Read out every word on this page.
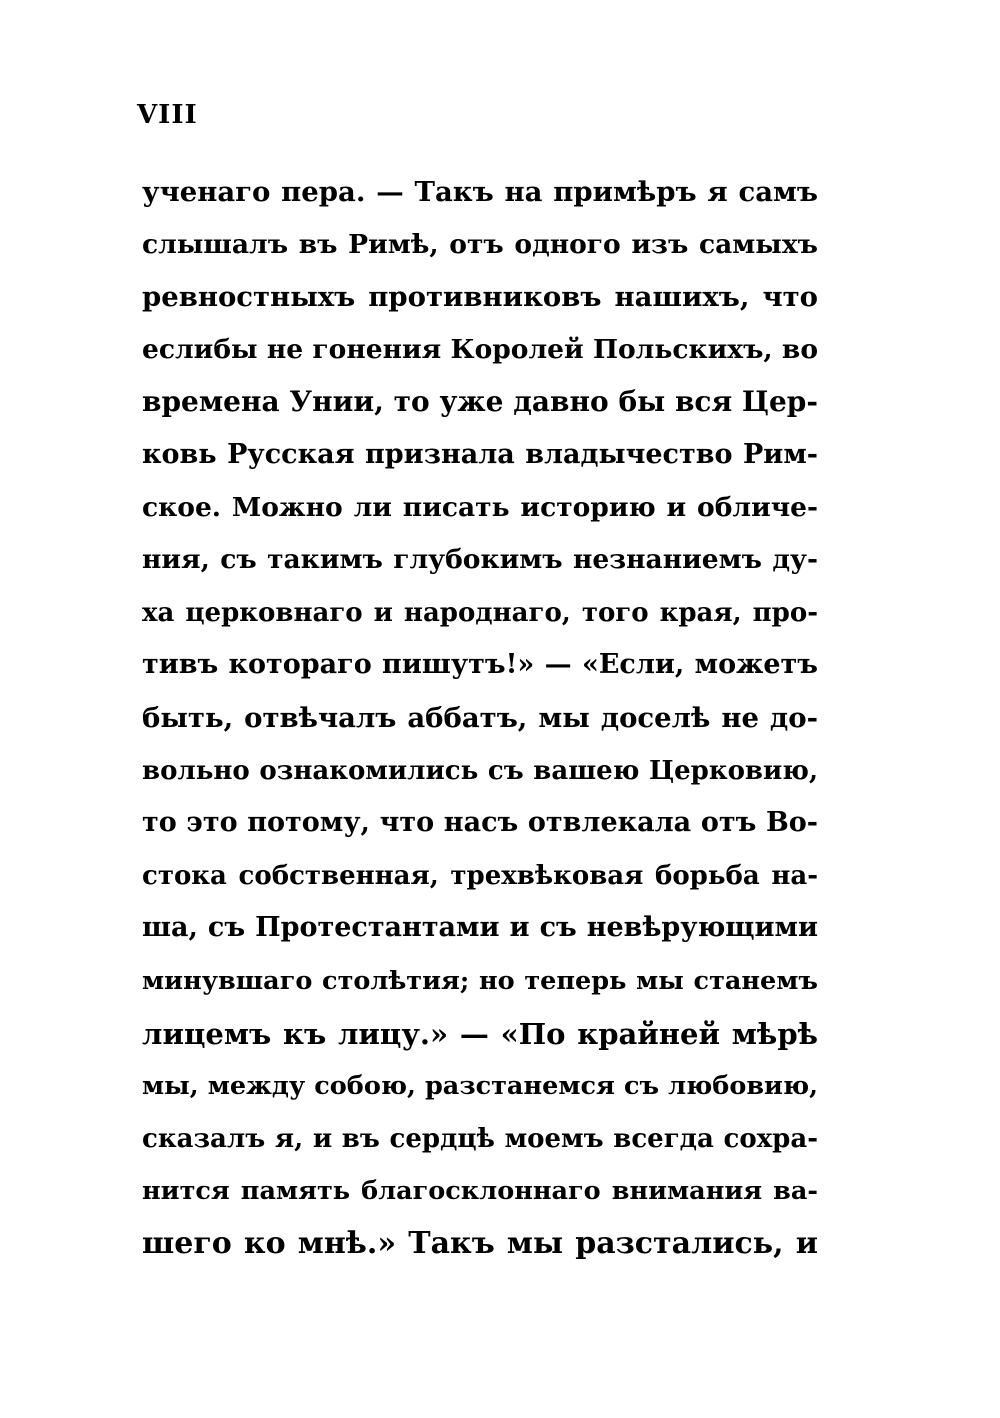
VIII
ученаго пера. — Такъ на примѣръ я самъ
слышалъ въ Римѣ, отъ одного изъ самыхъ
ревностныхъ противниковъ нашихъ, что
еслибы не гонения Королей Польскихъ, во
времена Унии, то уже давно бы вся Цер-
ковь Русская признала владычество Рим-
ское. Можно ли писать историю и обличе-
ния, съ такимъ глубокимъ незнаниемъ ду-
ха церковнаго и народнаго, того края, про-
тивъ котораго пишутъ!» — «Если, можетъ
быть, отвѣчалъ аббатъ, мы доселѣ не до-
вольно ознакомились съ вашею Церковию,
то это потому, что насъ отвлекала отъ Во-
стока собственная, трехвѣковая борьба на-
ша, съ Протестантами и съ невѣрующими
минувшаго столѣтия; но теперь мы станемъ
лицемъ къ лицу.» — «По крайней мѣрѣ
мы, между собою, разстанемся съ любовию,
сказалъ я, и въ сердцѣ моемъ всегда сохра-
нится память благосклоннаго внимания ва-
шего ко мнѣ.» Такъ мы разстались, и
